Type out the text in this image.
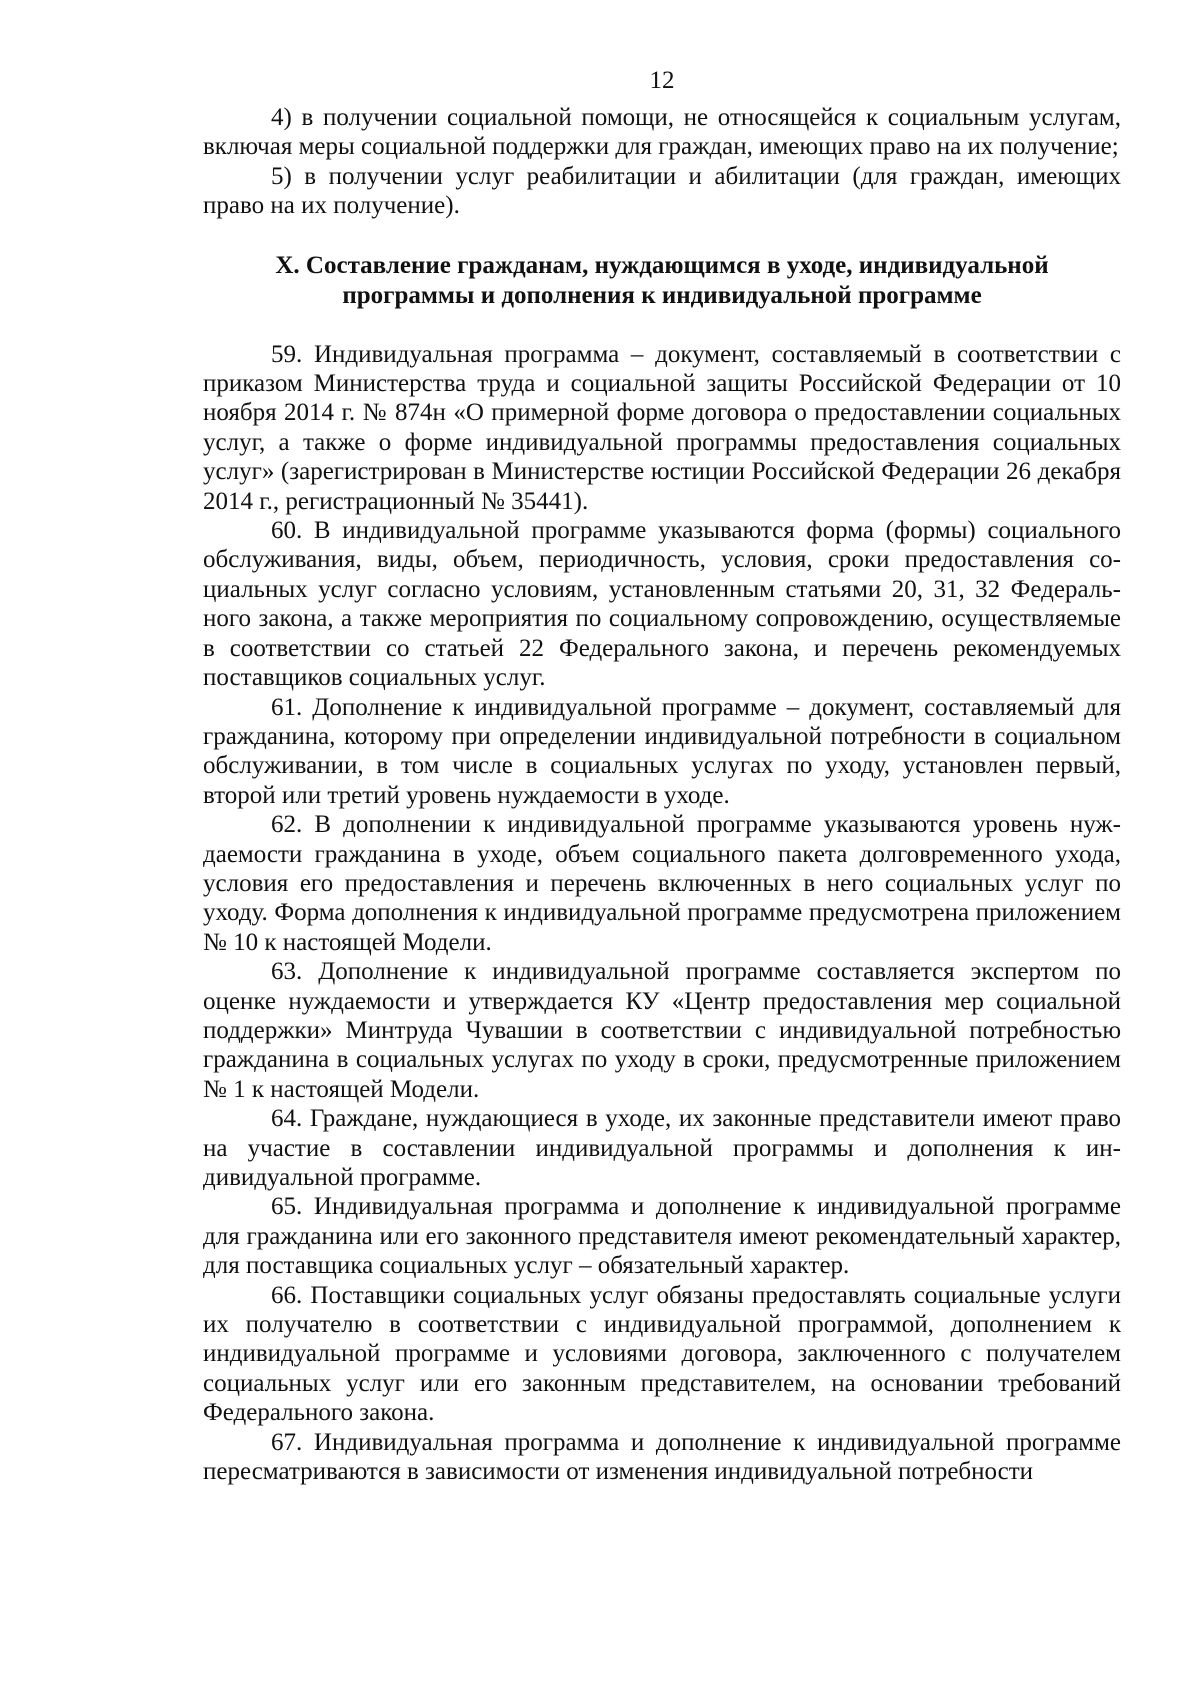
12

4) в получении социальной помощи, не относящейся к социальным услугам, включая меры социальной поддержки для граждан, имеющих право на их получение;

5) в получении услуг реабилитации и абилитации (для граждан, имеющих право на их получение).

X. Составление гражданам, нуждающимся в уходе, индивидуальной
программы и дополнения к индивидуальной программе

59. Индивидуальная программа – документ, составляемый в соответствии с приказом Министерства труда и социальной защиты Российской Федерации от 10 ноября 2014 г. № 874н «О примерной форме договора о предоставлении социальных услуг, а также о форме индивидуальной программы предоставления социальных услуг» (зарегистрирован в Министерстве юстиции Российской Федерации 26 декабря 2014 г., регистрационный № 35441).

60. В индивидуальной программе указываются форма (формы) социального обслуживания, виды, объем, периодичность, условия, сроки предоставления социальных услуг согласно условиям, установленным статьями 20, 31, 32 Федерального закона, а также мероприятия по социальному сопровождению, осуществляемые в соответствии со статьей 22 Федерального закона, и перечень рекомендуемых поставщиков социальных услуг.

61. Дополнение к индивидуальной программе – документ, составляемый для гражданина, которому при определении индивидуальной потребности в социальном обслуживании, в том числе в социальных услугах по уходу, установлен первый, второй или третий уровень нуждаемости в уходе.

62. В дополнении к индивидуальной программе указываются уровень нуждаемости гражданина в уходе, объем социального пакета долговременного ухода, условия его предоставления и перечень включенных в него социальных услуг по уходу. Форма дополнения к индивидуальной программе предусмотрена приложением № 10 к настоящей Модели.

63. Дополнение к индивидуальной программе составляется экспертом по оценке нуждаемости и утверждается КУ «Центр предоставления мер социальной поддержки» Минтруда Чувашии в соответствии с индивидуальной потребностью гражданина в социальных услугах по уходу в сроки, предусмотренные приложением № 1 к настоящей Модели.

64. Граждане, нуждающиеся в уходе, их законные представители имеют право на участие в составлении индивидуальной программы и дополнения к индивидуальной программе.

65. Индивидуальная программа и дополнение к индивидуальной программе для гражданина или его законного представителя имеют рекомендательный характер, для поставщика социальных услуг – обязательный характер.

66. Поставщики социальных услуг обязаны предоставлять социальные услуги их получателю в соответствии с индивидуальной программой, дополнением к индивидуальной программе и условиями договора, заключенного с получателем социальных услуг или его законным представителем, на основании требований Федерального закона.

67. Индивидуальная программа и дополнение к индивидуальной программе пересматриваются в зависимости от изменения индивидуальной потребности
